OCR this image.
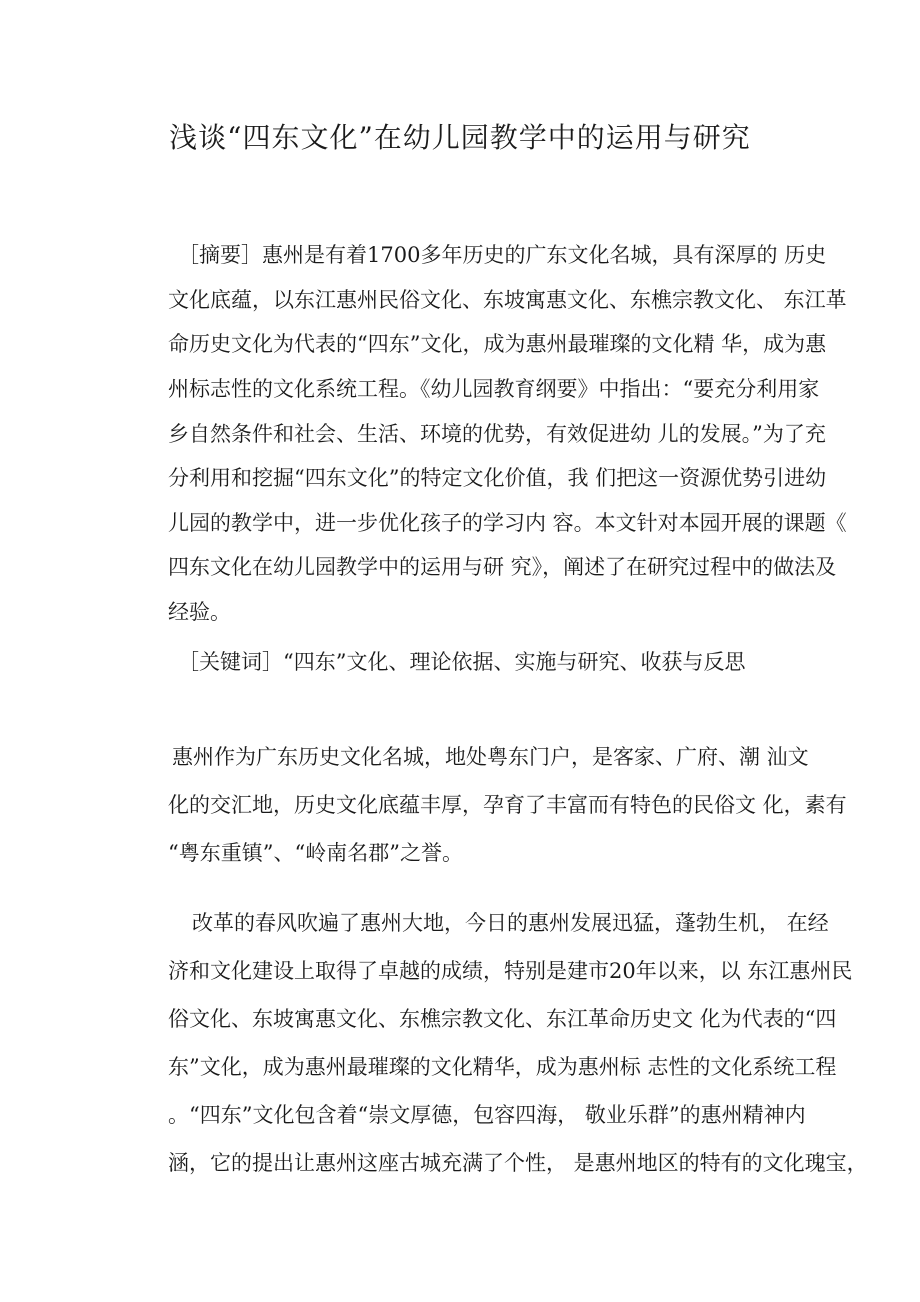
浅谈“四东文化”在幼儿园教学中的运用与研究
［摘要］惠州是有着1700多年历史的广东文化名城，具有深厚的 历史
文化底蕴，以东江惠州民俗文化、东坡寓惠文化、东樵宗教文化、 东江革
命历史文化为代表的“四东”文化，成为惠州最璀璨的文化精 华，成为惠
州标志性的文化系统工程。《幼儿园教育纲要》中指出：“要充分利用家
乡自然条件和社会、生活、环境的优势，有效促进幼 儿的发展。”为了充
分利用和挖掘“四东文化”的特定文化价值，我 们把这一资源优势引进幼
儿园的教学中，进一步优化孩子的学习内 容。本文针对本园开展的课题《
四东文化在幼儿园教学中的运用与研 究》，阐述了在研究过程中的做法及
经验。
［关键词］“四东”文化、理论依据、实施与研究、收获与反思
惠州作为广东历史文化名城，地处粤东门户，是客家、广府、潮 汕文
化的交汇地，历史文化底蕴丰厚，孕育了丰富而有特色的民俗文 化，素有
“粤东重镇”、“岭南名郡”之誉。
改革的春风吹遍了惠州大地，今日的惠州发展迅猛，蓬勃生机， 在经
济和文化建设上取得了卓越的成绩，特别是建市20年以来，以 东江惠州民
俗文化、东坡寓惠文化、东樵宗教文化、东江革命历史文 化为代表的“四
东”文化，成为惠州最璀璨的文化精华，成为惠州标 志性的文化系统工程
。“四东”文化包含着“崇文厚德，包容四海， 敬业乐群”的惠州精神内
涵，它的提出让惠州这座古城充满了个性， 是惠州地区的特有的文化瑰宝，
